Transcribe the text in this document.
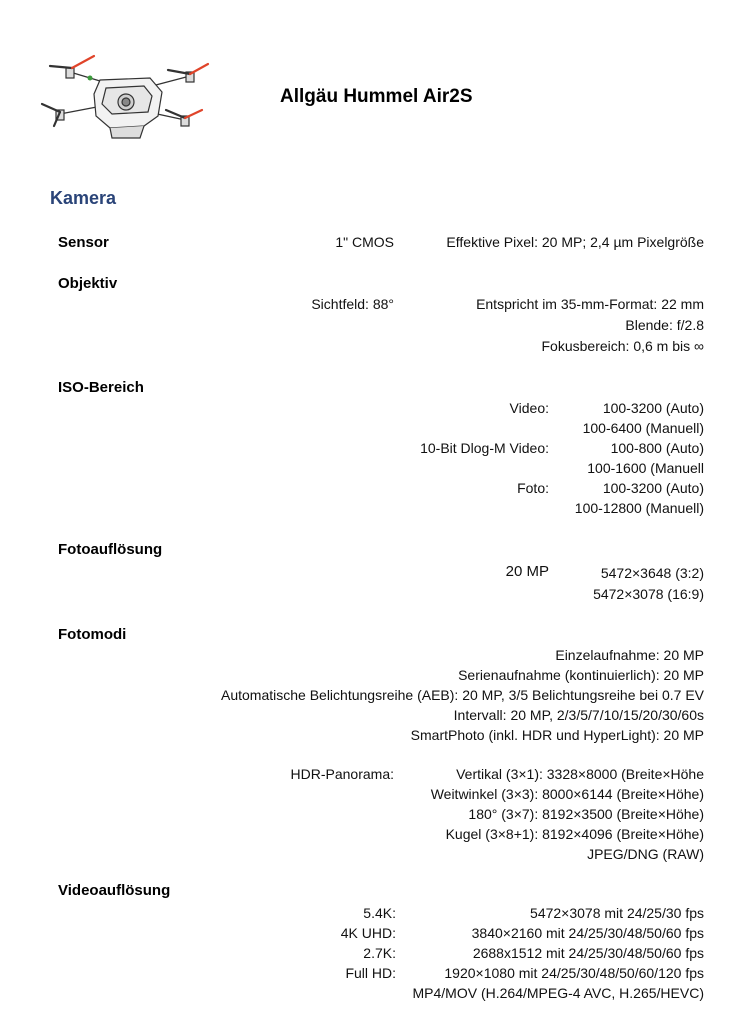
Allgäu Hummel Air2S
Kamera
Sensor	1" CMOS	Effektive Pixel: 20 MP; 2,4 µm Pixelgröße
Objektiv
Sichtfeld: 88°	Entspricht im 35-mm-Format: 22 mm
Blende: f/2.8
Fokusbereich: 0,6 m bis ∞
ISO-Bereich
Video:	100-3200 (Auto)
100-6400 (Manuell)
10-Bit Dlog-M Video:	100-800 (Auto)
100-1600 (Manuell
Foto:	100-3200 (Auto)
100-12800 (Manuell)
Fotoauflösung
20 MP	5472×3648 (3:2)
5472×3078 (16:9)
Fotomodi
Einzelaufnahme: 20 MP
Serienaufnahme (kontinuierlich): 20 MP
Automatische Belichtungsreihe (AEB): 20 MP, 3/5 Belichtungsreihe bei 0.7 EV
Intervall: 20 MP, 2/3/5/7/10/15/20/30/60s
SmartPhoto (inkl. HDR und HyperLight): 20 MP
HDR-Panorama:	Vertikal (3×1): 3328×8000 (Breite×Höhe
Weitwinkel (3×3): 8000×6144 (Breite×Höhe)
180° (3×7): 8192×3500 (Breite×Höhe)
Kugel (3×8+1): 8192×4096 (Breite×Höhe)
JPEG/DNG (RAW)
Videoauflösung
5.4K:	5472×3078 mit 24/25/30 fps
4K UHD:	3840×2160 mit 24/25/30/48/50/60 fps
2.7K:	2688x1512 mit 24/25/30/48/50/60 fps
Full HD:	1920×1080 mit 24/25/30/48/50/60/120 fps
MP4/MOV (H.264/MPEG-4 AVC, H.265/HEVC)
